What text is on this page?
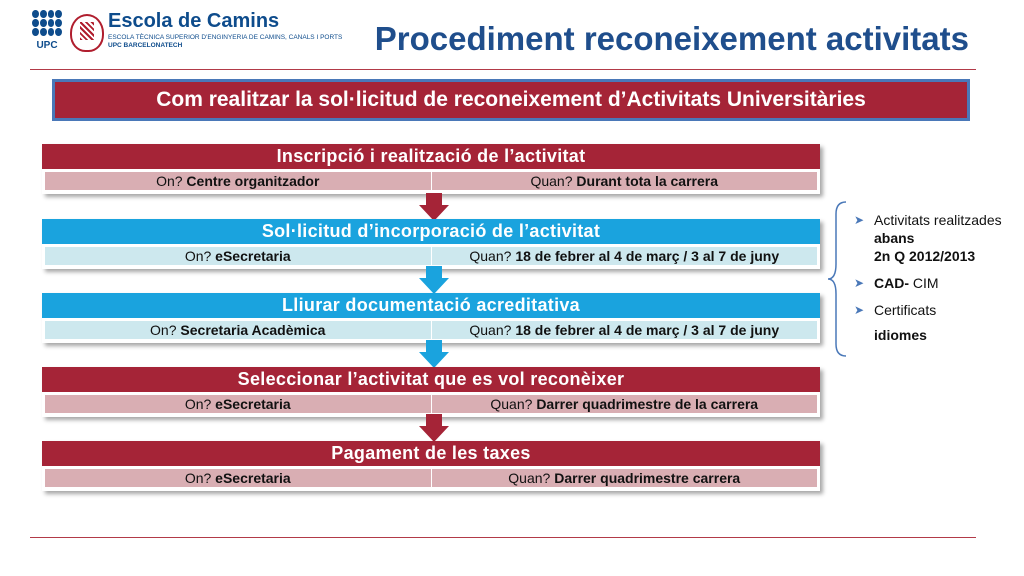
UPC
Escola de Camins
ESCOLA TÈCNICA SUPERIOR D'ENGINYERIA DE CAMINS, CANALS I PORTS
UPC BARCELONATECH	Procediment reconeixement activitats
Com realitzar la sol·licitud de reconeixement d’Activitats Universitàries
Inscripció i realització de l’activitat
On?
Centre organitzador	Quan?
Durant tota la carrera
Sol·licitud d’incorporació de l’activitat
On?
eSecretaria	Quan?
18 de febrer al 4 de març / 3 al 7 de juny
Lliurar documentació acreditativa
On?
Secretaria Acadèmica	Quan?
18 de febrer al 4 de març / 3 al 7 de juny
Seleccionar l’activitat que es vol reconèixer
On?
eSecretaria	Quan?
Darrer quadrimestre de la carrera
Pagament de les taxes
On?
eSecretaria	Quan?
Darrer quadrimestre carrera
➤ Activitats realitzades abans
2n Q 2012/2013
➤ CAD- CIM
➤ Certificats
idiomes
